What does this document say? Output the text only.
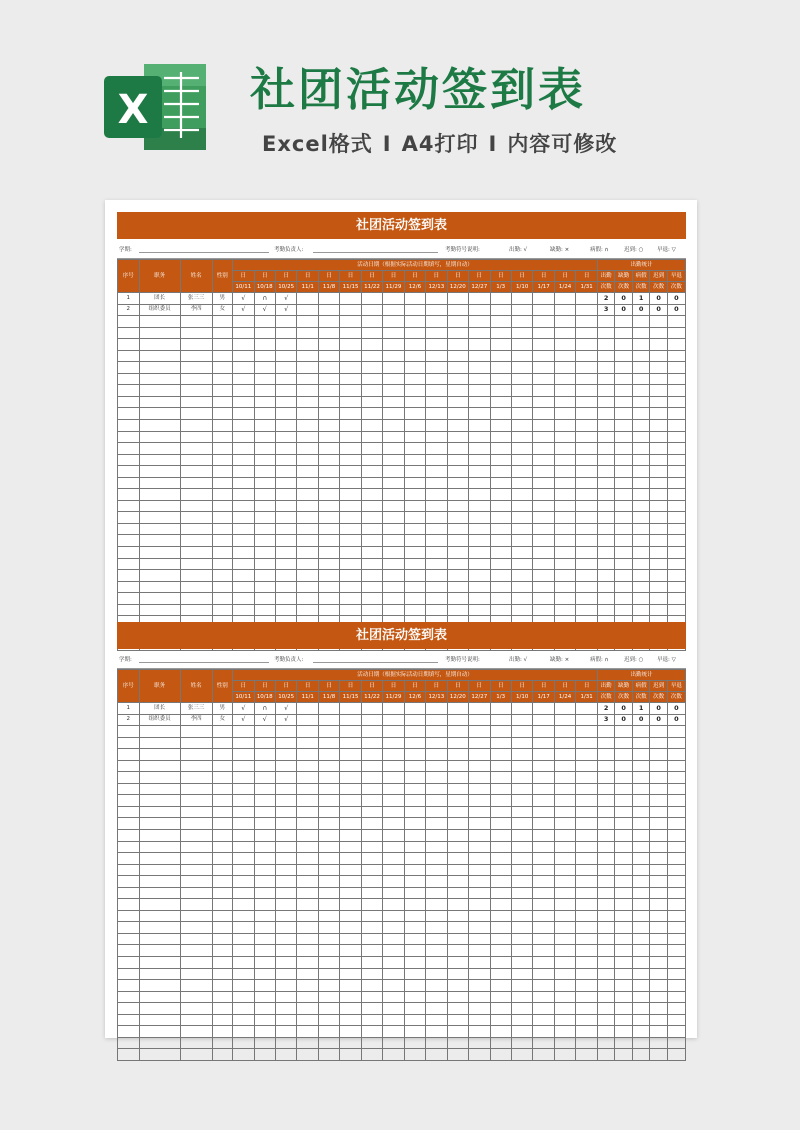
X 社团活动签到表
Excel格式 I A4打印 I 内容可修改
社团活动签到表
学期:	考勤负责人:	考勤符号说明:	出勤: √	缺勤: ×	病假: ∩	迟到: ○ 早退: ▽
序号	职务	姓名	性别	活动日期（根据实际活动日期填写，星期自动）																	出勤统计				
				日	日	日	日	日	日	日	日	日	日	日	日	日	日	日	日	日	出勤	缺勤	病假	迟到	早退
				10/11	10/18	10/25	11/1	11/8	11/15	11/22	11/29	12/6	12/13	12/20	12/27	1/3	1/10	1/17	1/24	1/31	次数	次数	次数	次数	次数
1	团长	张三三	男	√	∩	√															2	0	1	0	0
2	组织委员	李四	女	√	√	√															3	0	0	0	0

社团活动签到表
学期:	考勤负责人:	考勤符号说明:	出勤: √	缺勤: ×	病假: ∩	迟到: ○ 早退: ▽
序号	职务	姓名	性别	活动日期（根据实际活动日期填写，星期自动）																	出勤统计				
				日	日	日	日	日	日	日	日	日	日	日	日	日	日	日	日	日	出勤	缺勤	病假	迟到	早退
				10/11	10/18	10/25	11/1	11/8	11/15	11/22	11/29	12/6	12/13	12/20	12/27	1/3	1/10	1/17	1/24	1/31	次数	次数	次数	次数	次数
1	团长	张三三	男	√	∩	√															2	0	1	0	0
2	组织委员	李四	女	√	√	√															3	0	0	0	0
